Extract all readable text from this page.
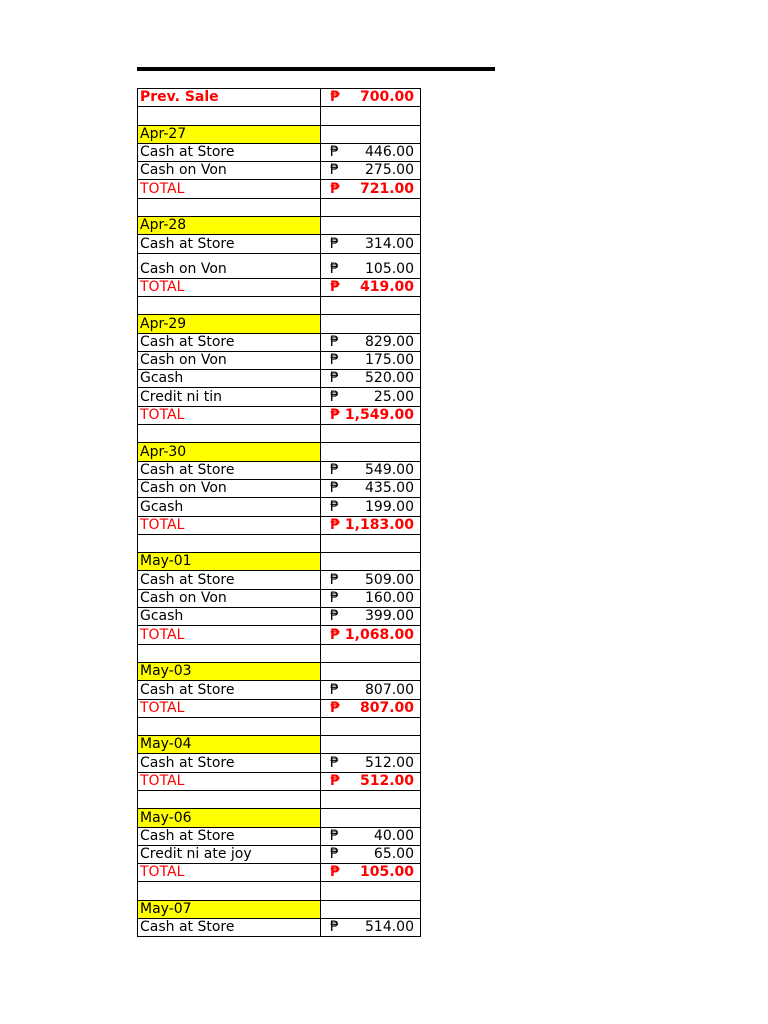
Prev. Sale	₱ 700.00
Apr-27
Cash at Store	₱ 446.00
Cash on Von	₱ 275.00
TOTAL	₱ 721.00
Apr-28
Cash at Store	₱ 314.00
Cash on Von	₱ 105.00
TOTAL	₱ 419.00
Apr-29
Cash at Store	₱ 829.00
Cash on Von	₱ 175.00
Gcash	₱ 520.00
Credit ni tin	₱ 25.00
TOTAL	₱ 1,549.00
Apr-30
Cash at Store	₱ 549.00
Cash on Von	₱ 435.00
Gcash	₱ 199.00
TOTAL	₱ 1,183.00
May-01
Cash at Store	₱ 509.00
Cash on Von	₱ 160.00
Gcash	₱ 399.00
TOTAL	₱ 1,068.00
May-03
Cash at Store	₱ 807.00
TOTAL	₱ 807.00
May-04
Cash at Store	₱ 512.00
TOTAL	₱ 512.00
May-06
Cash at Store	₱ 40.00
Credit ni ate joy	₱ 65.00
TOTAL	₱ 105.00
May-07
Cash at Store	₱ 514.00
